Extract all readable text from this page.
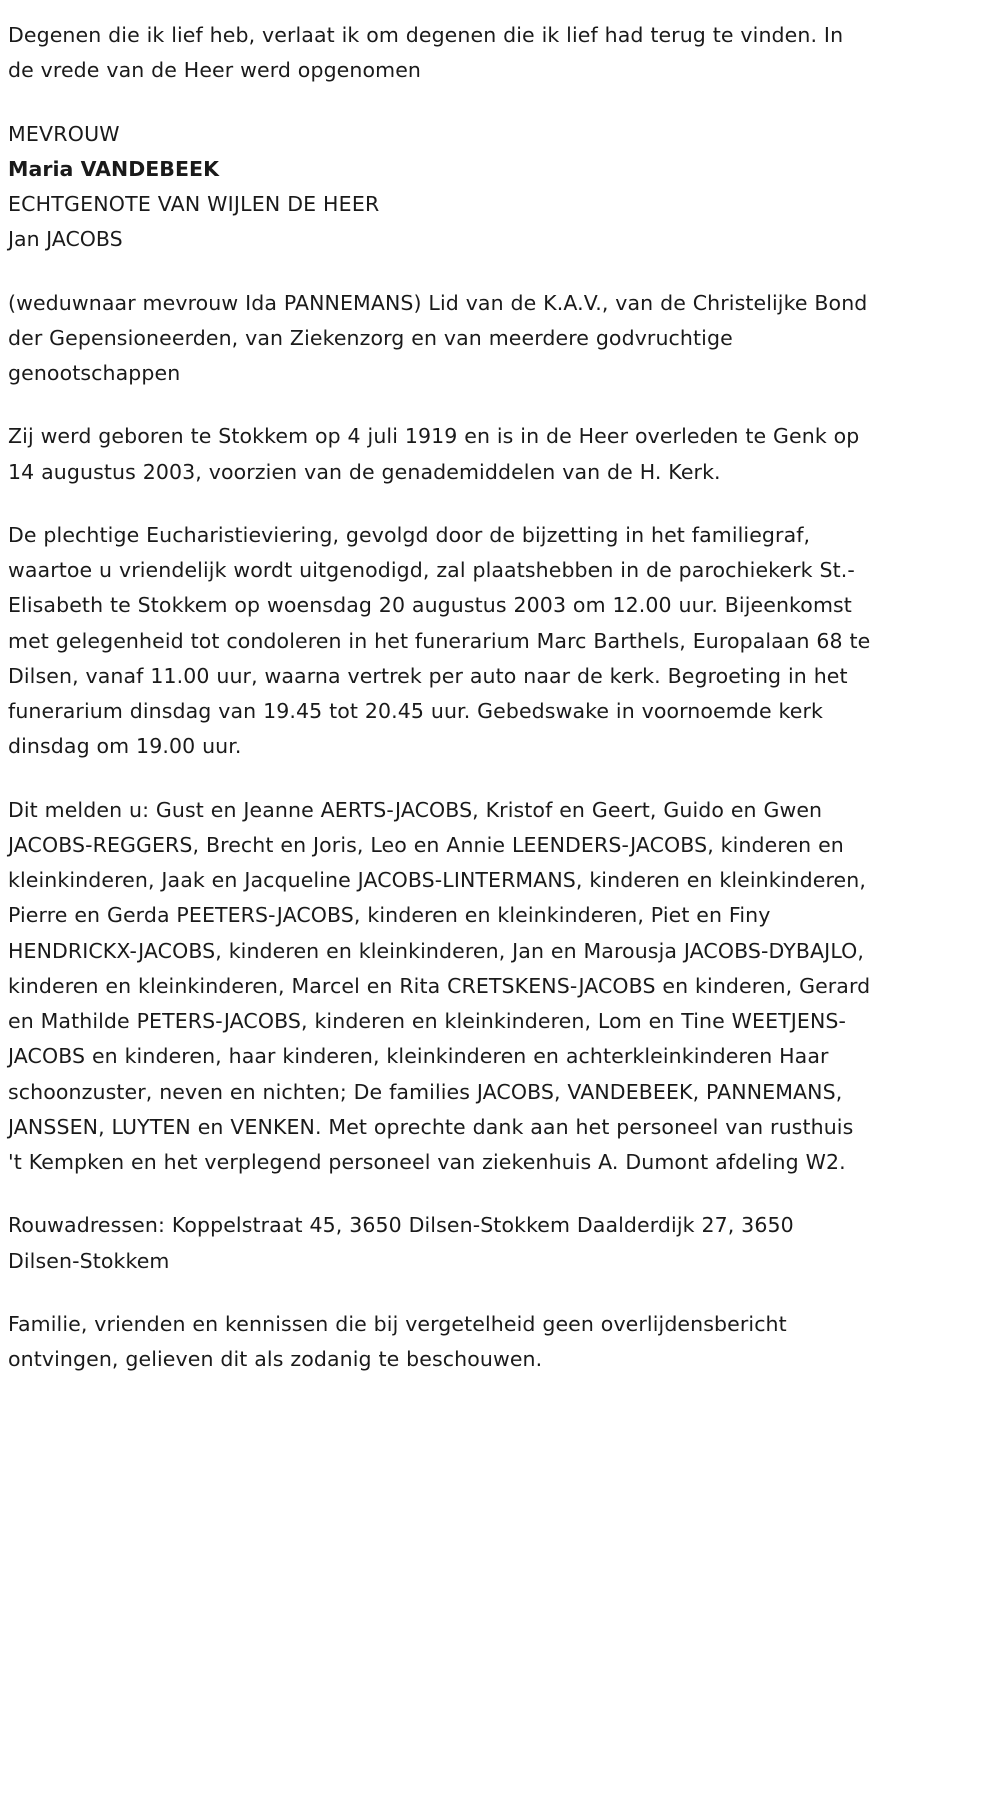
Degenen die ik lief heb, verlaat ik om degenen die ik lief had terug te vinden. In de vrede van de Heer werd opgenomen

MEVROUW
Maria VANDEBEEK
ECHTGENOTE VAN WIJLEN DE HEER
Jan JACOBS

(weduwnaar mevrouw Ida PANNEMANS) Lid van de K.A.V., van de Christelijke Bond der Gepensioneerden, van Ziekenzorg en van meerdere godvruchtige genootschappen

Zij werd geboren te Stokkem op 4 juli 1919 en is in de Heer overleden te Genk op 14 augustus 2003, voorzien van de genademiddelen van de H. Kerk.

De plechtige Eucharistieviering, gevolgd door de bijzetting in het familiegraf, waartoe u vriendelijk wordt uitgenodigd, zal plaatshebben in de parochiekerk St.-Elisabeth te Stokkem op woensdag 20 augustus 2003 om 12.00 uur. Bijeenkomst met gelegenheid tot condoleren in het funerarium Marc Barthels, Europalaan 68 te Dilsen, vanaf 11.00 uur, waarna vertrek per auto naar de kerk. Begroeting in het funerarium dinsdag van 19.45 tot 20.45 uur. Gebedswake in voornoemde kerk dinsdag om 19.00 uur.

Dit melden u: Gust en Jeanne AERTS-JACOBS, Kristof en Geert, Guido en Gwen JACOBS-REGGERS, Brecht en Joris, Leo en Annie LEENDERS-JACOBS, kinderen en kleinkinderen, Jaak en Jacqueline JACOBS-LINTERMANS, kinderen en kleinkinderen, Pierre en Gerda PEETERS-JACOBS, kinderen en kleinkinderen, Piet en Finy HENDRICKX-JACOBS, kinderen en kleinkinderen, Jan en Marousja JACOBS-DYBAJLO, kinderen en kleinkinderen, Marcel en Rita CRETSKENS-JACOBS en kinderen, Gerard en Mathilde PETERS-JACOBS, kinderen en kleinkinderen, Lom en Tine WEETJENS-JACOBS en kinderen, haar kinderen, kleinkinderen en achterkleinkinderen Haar schoonzuster, neven en nichten; De families JACOBS, VANDEBEEK, PANNEMANS, JANSSEN, LUYTEN en VENKEN. Met oprechte dank aan het personeel van rusthuis 't Kempken en het verplegend personeel van ziekenhuis A. Dumont afdeling W2.

Rouwadressen: Koppelstraat 45, 3650 Dilsen-Stokkem Daalderdijk 27, 3650 Dilsen-Stokkem

Familie, vrienden en kennissen die bij vergetelheid geen overlijdensbericht ontvingen, gelieven dit als zodanig te beschouwen.
